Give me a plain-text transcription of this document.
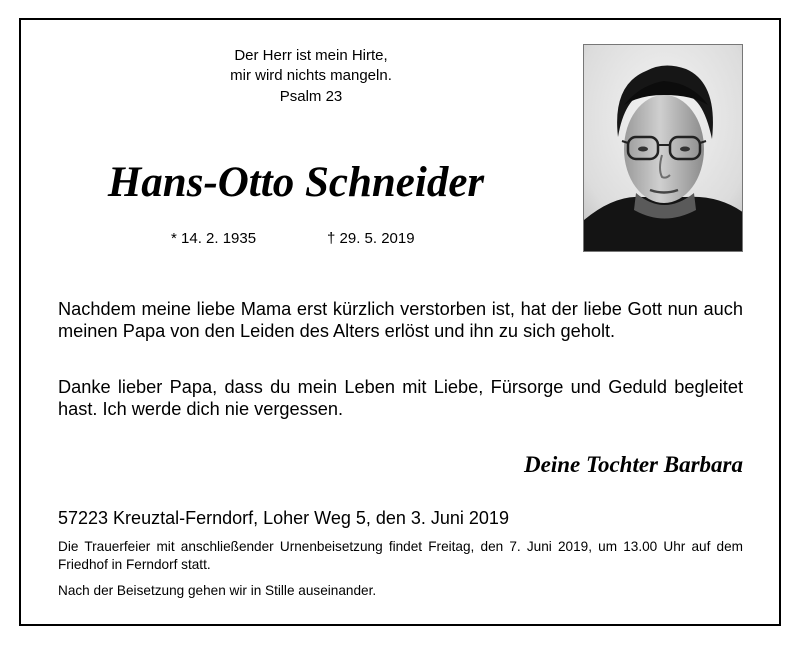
Der Herr ist mein Hirte,
mir wird nichts mangeln.
Psalm 23
Hans-Otto Schneider
* 14. 2. 1935	† 29. 5. 2019
Nachdem meine liebe Mama erst kürzlich verstorben ist, hat der liebe Gott nun auch meinen Papa von den Leiden des Alters erlöst und ihn zu sich geholt.
Danke lieber Papa, dass du mein Leben mit Liebe, Fürsorge und Geduld begleitet hast. Ich werde dich nie vergessen.
Deine Tochter Barbara
57223 Kreuztal-Ferndorf, Loher Weg 5, den 3. Juni 2019
Die Trauerfeier mit anschließender Urnenbeisetzung findet Freitag, den 7. Juni 2019, um 13.00 Uhr auf dem Friedhof in Ferndorf statt.
Nach der Beisetzung gehen wir in Stille auseinander.
